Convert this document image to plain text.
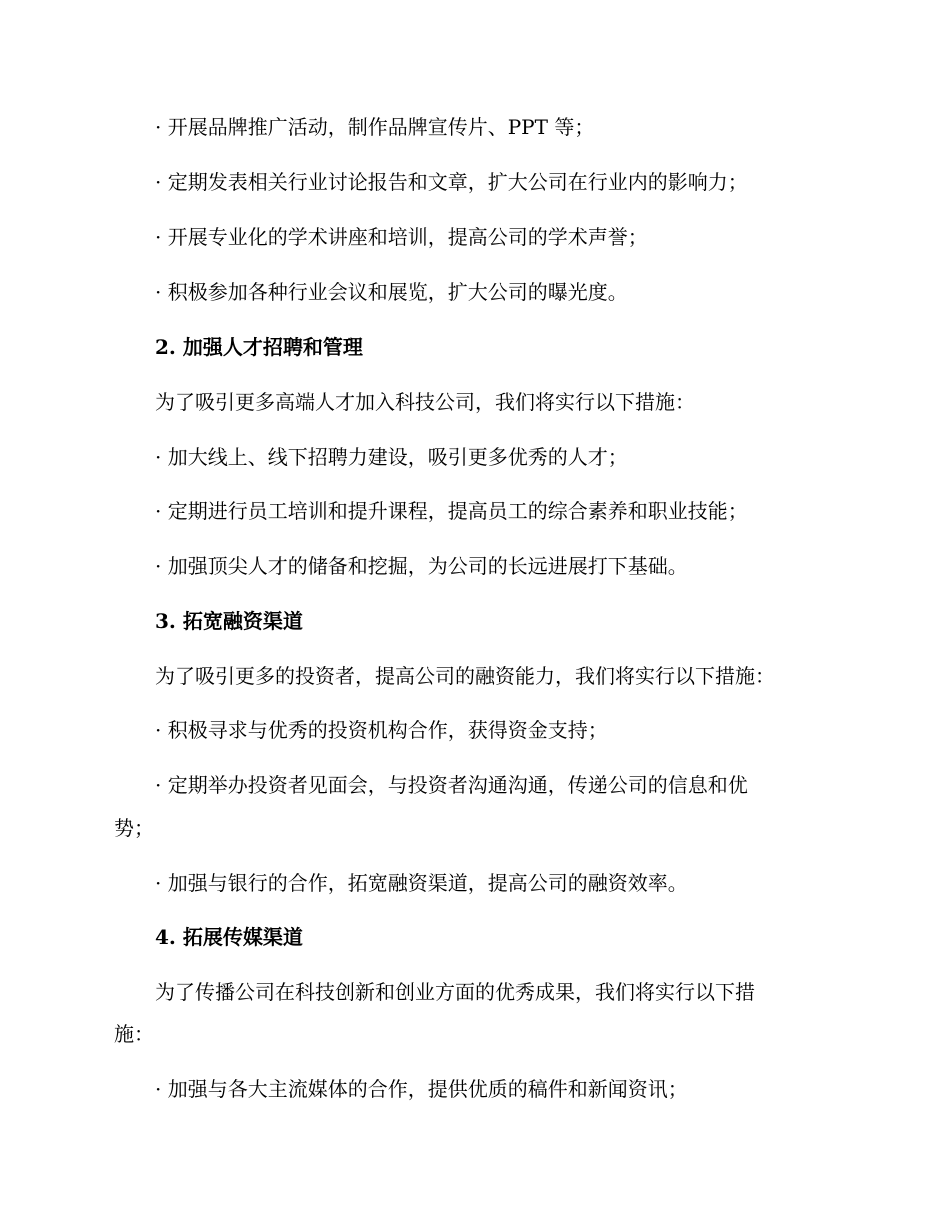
· 开展品牌推广活动，制作品牌宣传片、PPT 等；
· 定期发表相关行业讨论报告和文章，扩大公司在行业内的影响力；
· 开展专业化的学术讲座和培训，提高公司的学术声誉；
· 积极参加各种行业会议和展览，扩大公司的曝光度。
2. 加强人才招聘和管理
为了吸引更多高端人才加入科技公司，我们将实行以下措施：
· 加大线上、线下招聘力建设，吸引更多优秀的人才；
· 定期进行员工培训和提升课程，提高员工的综合素养和职业技能；
· 加强顶尖人才的储备和挖掘，为公司的长远进展打下基础。
3. 拓宽融资渠道
为了吸引更多的投资者，提高公司的融资能力，我们将实行以下措施：
· 积极寻求与优秀的投资机构合作，获得资金支持；
· 定期举办投资者见面会，与投资者沟通沟通，传递公司的信息和优
势；
· 加强与银行的合作，拓宽融资渠道，提高公司的融资效率。
4. 拓展传媒渠道
为了传播公司在科技创新和创业方面的优秀成果，我们将实行以下措
施：
· 加强与各大主流媒体的合作，提供优质的稿件和新闻资讯；
